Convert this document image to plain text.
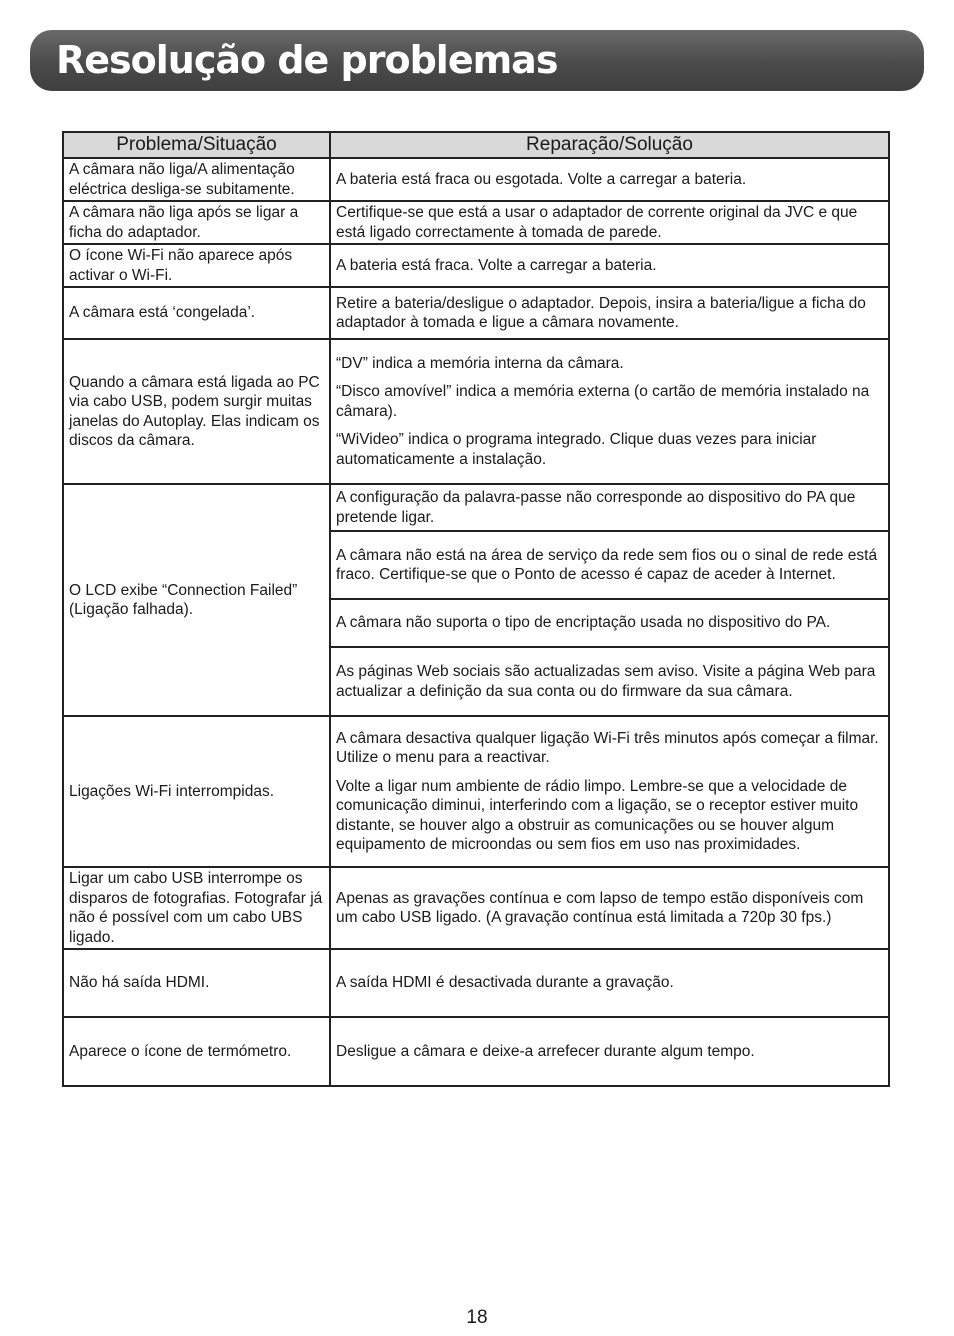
Resolução de problemas
Problema/Situação	Reparação/Solução
A câmara não liga/A alimentação eléctrica desliga-se subitamente.	A bateria está fraca ou esgotada. Volte a carregar a bateria.

A câmara não liga após se ligar a ficha do adaptador.	Certifique-se que está a usar o adaptador de corrente original da JVC e que está ligado correctamente à tomada de parede.

O ícone Wi-Fi não aparece após activar o Wi-Fi.	A bateria está fraca. Volte a carregar a bateria.

A câmara está ‘congelada’.	Retire a bateria/desligue o adaptador. Depois, insira a bateria/ligue a ficha do adaptador à tomada e ligue a câmara novamente.

Quando a câmara está ligada ao PC via cabo USB, podem surgir muitas janelas do Autoplay. Elas indicam os discos da câmara.	“DV” indica a memória interna da câmara.
“Disco amovível” indica a memória externa (o cartão de memória instalado na câmara).
“WiVideo” indica o programa integrado. Clique duas vezes para iniciar automaticamente a instalação.

O LCD exibe “Connection Failed” (Ligação falhada).	A configuração da palavra-passe não corresponde ao dispositivo do PA que pretende ligar.

	A câmara não está na área de serviço da rede sem fios ou o sinal de rede está fraco. Certifique-se que o Ponto de acesso é capaz de aceder à Internet.

	A câmara não suporta o tipo de encriptação usada no dispositivo do PA.

	As páginas Web sociais são actualizadas sem aviso. Visite a página Web para actualizar a definição da sua conta ou do firmware da sua câmara.

Ligações Wi-Fi interrompidas.	A câmara desactiva qualquer ligação Wi-Fi três minutos após começar a filmar. Utilize o menu para a reactivar.
Volte a ligar num ambiente de rádio limpo. Lembre-se que a velocidade de comunicação diminui, interferindo com a ligação, se o receptor estiver muito distante, se houver algo a obstruir as comunicações ou se houver algum equipamento de microondas ou sem fios em uso nas proximidades.

Ligar um cabo USB interrompe os disparos de fotografias. Fotografar já não é possível com um cabo UBS ligado.	Apenas as gravações contínua e com lapso de tempo estão disponíveis com um cabo USB ligado. (A gravação contínua está limitada a 720p 30 fps.)

Não há saída HDMI.	A saída HDMI é desactivada durante a gravação.

Aparece o ícone de termómetro.	Desligue a câmara e deixe-a arrefecer durante algum tempo.
18
